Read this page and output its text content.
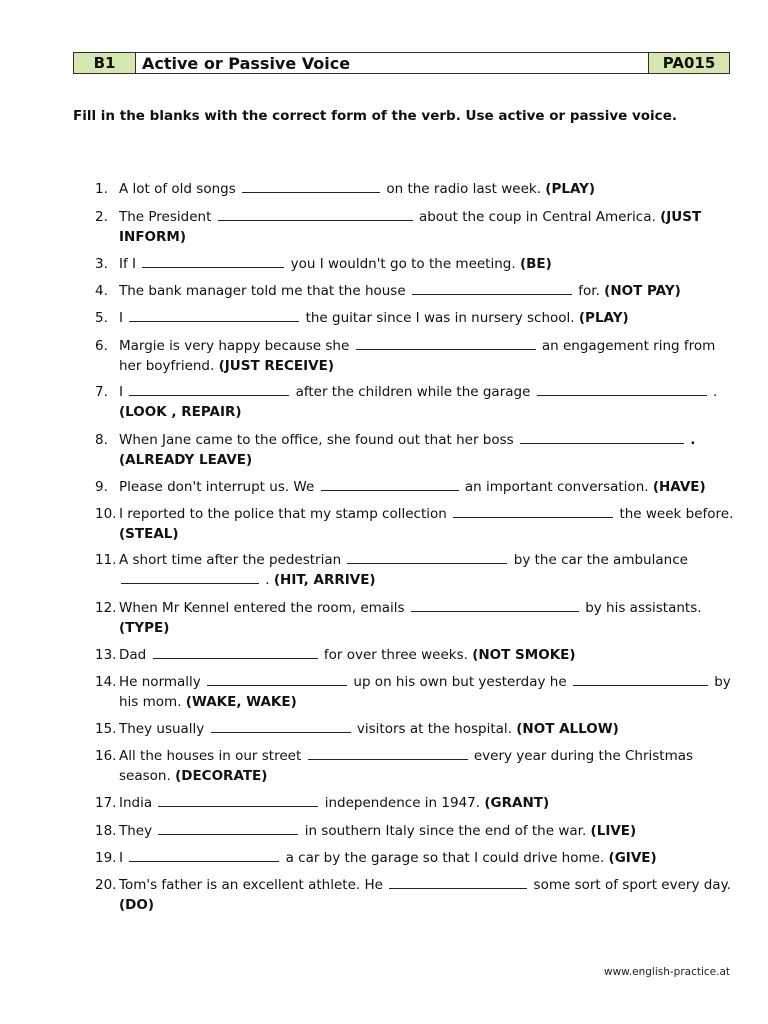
B1	Active or Passive Voice	PA015

Fill in the blanks with the correct form of the verb. Use active or passive voice.

1. A lot of old songs	on the radio last week. (PLAY)
2. The President	about the coup in Central America. (JUST INFORM)
3. If I	you I wouldn't go to the meeting. (BE)
4. The bank manager told me that the house	for. (NOT PAY)
5. I	the guitar since I was in nursery school. (PLAY)
6. Margie is very happy because she	an engagement ring from her boyfriend. (JUST RECEIVE)
7. I	after the children while the garage	. (LOOK , REPAIR)
8. When Jane came to the office, she found out that her boss	. (ALREADY LEAVE)
9. Please don't interrupt us. We	an important conversation. (HAVE)
10. I reported to the police that my stamp collection	the week before. (STEAL)
11. A short time after the pedestrian	by the car the ambulance  . (HIT, ARRIVE)
12. When Mr Kennel entered the room, emails	by his assistants. (TYPE)
13. Dad	for over three weeks. (NOT SMOKE)
14. He normally	up on his own but yesterday he	by his mom. (WAKE, WAKE)
15. They usually	visitors at the hospital. (NOT ALLOW)
16. All the houses in our street	every year during the Christmas season. (DECORATE)
17. India	independence in 1947. (GRANT)
18. They	in southern Italy since the end of the war. (LIVE)
19. I	a car by the garage so that I could drive home. (GIVE)
20. Tom's father is an excellent athlete. He	some sort of sport every day. (DO)
www.english-practice.at
